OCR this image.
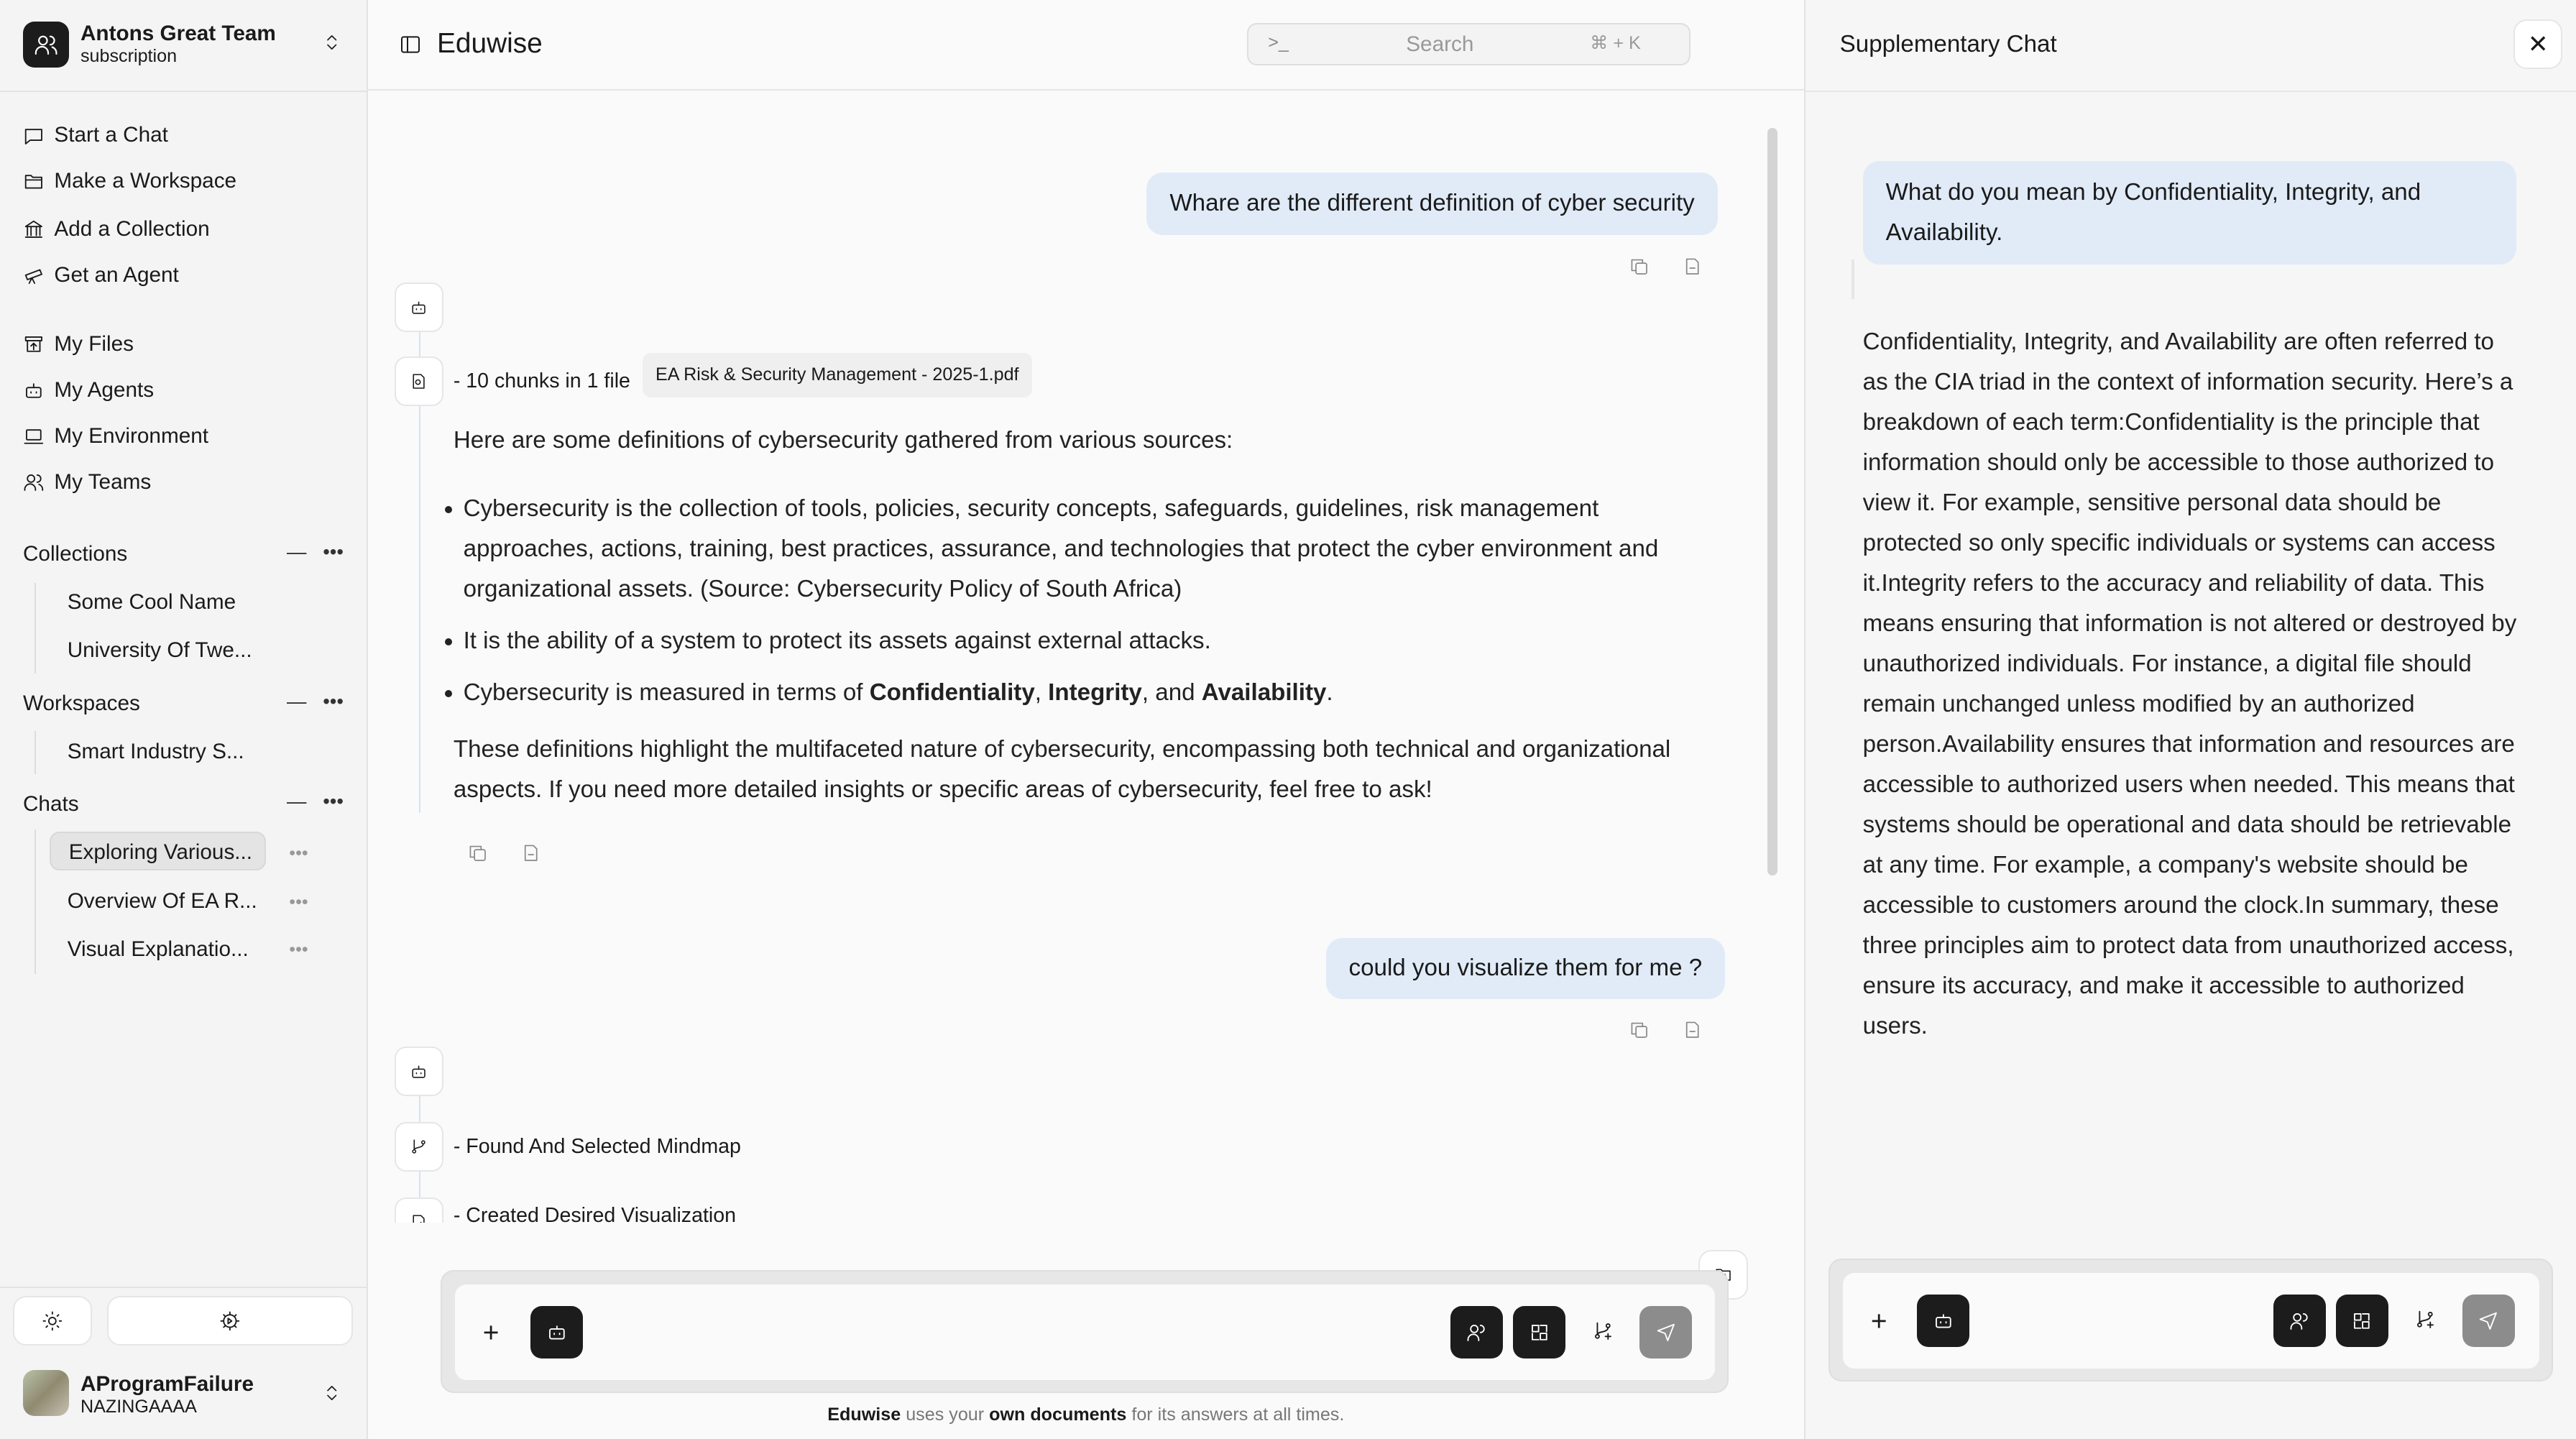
Antons Great Team
subscription
Start a Chat
Make a Workspace
Add a Collection
Get an Agent
My Files
My Agents
My Environment
My Teams
Collections	— •••
Some Cool Name
University Of Twe...
Workspaces	— •••
Smart Industry S...
Chats	— •••
Exploring Various...	•••
Overview Of EA R...	•••
Visual Explanatio...	•••
AProgramFailure
NAZINGAAAA
Eduwise	>_	Search	⌘ + K
Whare are the different definition of cyber security
- 10 chunks in 1 file	EA Risk & Security Management - 2025-1.pdf

Here are some definitions of cybersecurity gathered from various sources:

• Cybersecurity is the collection of tools, policies, security concepts, safeguards, guidelines, risk management approaches, actions, training, best practices, assurance, and technologies that protect the cyber environment and organizational assets. (Source: Cybersecurity Policy of South Africa)
• It is the ability of a system to protect its assets against external attacks.
• Cybersecurity is measured in terms of Confidentiality, Integrity, and Availability.

These definitions highlight the multifaceted nature of cybersecurity, encompassing both technical and organizational aspects. If you need more detailed insights or specific areas of cybersecurity, feel free to ask!

could you visualize them for me ?
- Found And Selected Mindmap
- Created Desired Visualization
+
Eduwise uses your own documents for its answers at all times.
Supplementary Chat	✕
What do you mean by Confidentiality, Integrity, and Availability.
Confidentiality, Integrity, and Availability are often referred to as the CIA triad in the context of information security. Here’s a breakdown of each term:Confidentiality is the principle that information should only be accessible to those authorized to view it. For example, sensitive personal data should be protected so only specific individuals or systems can access it.Integrity refers to the accuracy and reliability of data. This means ensuring that information is not altered or destroyed by unauthorized individuals. For instance, a digital file should remain unchanged unless modified by an authorized person.Availability ensures that information and resources are accessible to authorized users when needed. This means that systems should be operational and data should be retrievable at any time. For example, a company's website should be accessible to customers around the clock.In summary, these three principles aim to protect data from unauthorized access, ensure its accuracy, and make it accessible to authorized users.
+
